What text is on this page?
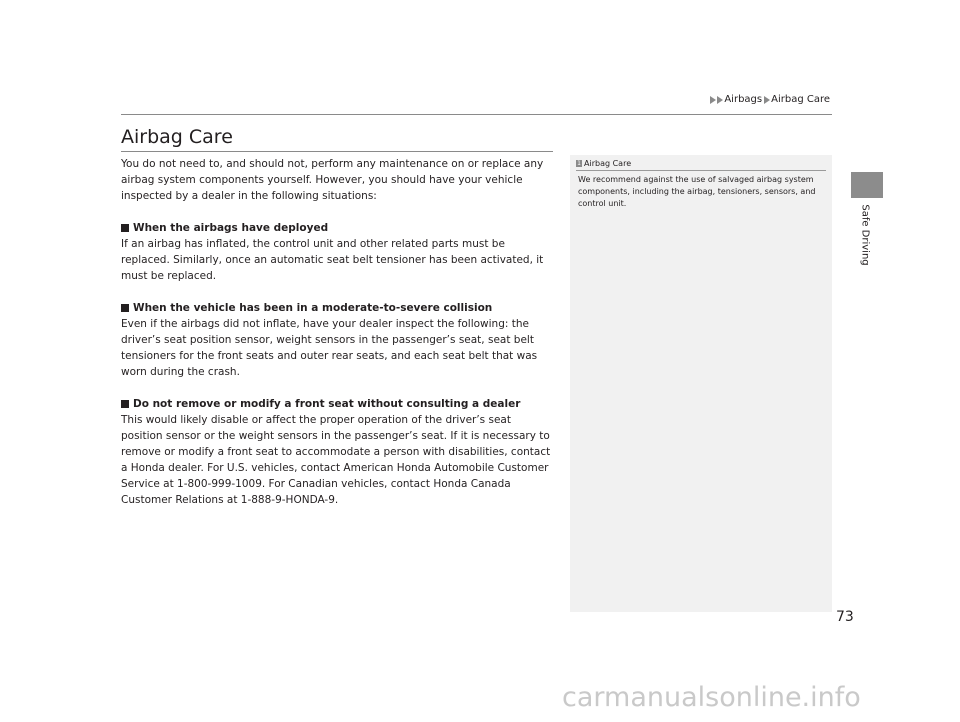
Airbags Airbag Care
Safe Driving
Airbag Care

You do not need to, and should not, perform any maintenance on or replace any airbag system components yourself. However, you should have your vehicle inspected by a dealer in the following situations:

When the airbags have deployed

If an airbag has inflated, the control unit and other related parts must be replaced. Similarly, once an automatic seat belt tensioner has been activated, it must be replaced.

When the vehicle has been in a moderate-to-severe collision

Even if the airbags did not inflate, have your dealer inspect the following: the driver’s seat position sensor, weight sensors in the passenger’s seat, seat belt tensioners for the front seats and outer rear seats, and each seat belt that was worn during the crash.

Do not remove or modify a front seat without consulting a dealer

This would likely disable or affect the proper operation of the driver’s seat position sensor or the weight sensors in the passenger’s seat. If it is necessary to remove or modify a front seat to accommodate a person with disabilities, contact a Honda dealer. For U.S. vehicles, contact American Honda Automobile Customer Service at 1-800-999-1009. For Canadian vehicles, contact Honda Canada Customer Relations at 1-888-9-HONDA-9.

1 Airbag Care

We recommend against the use of salvaged airbag system components, including the airbag, tensioners, sensors, and control unit.

73
carmanualsonline.info
